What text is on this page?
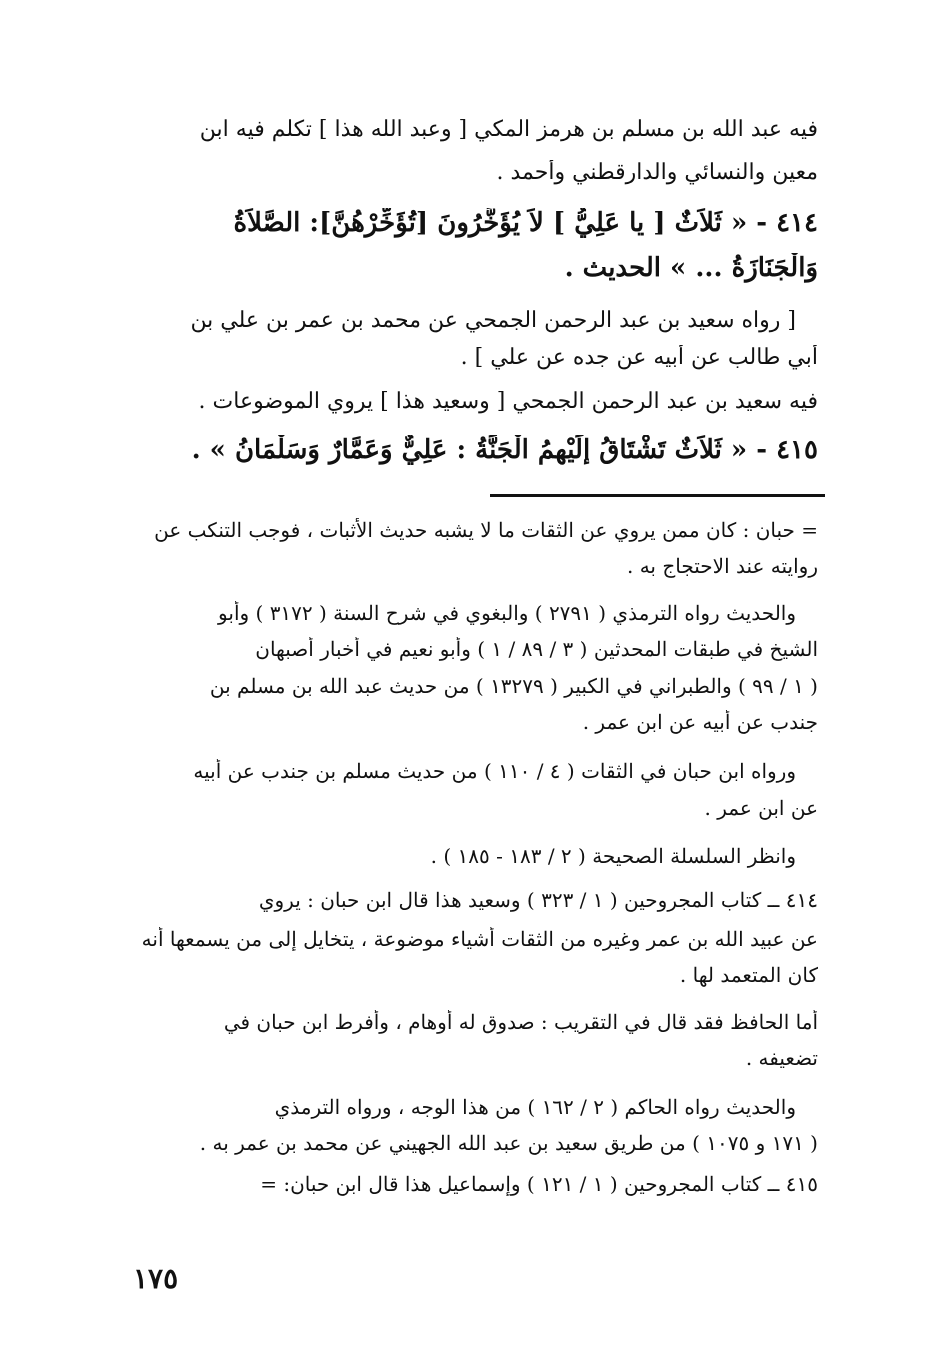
فيه عبد الله بن مسلم بن هرمز المكي [ وعبد الله هذا ] تكلم فيه ابن
معين والنسائي والدارقطني وأحمد .
٤١٤ - « ثَلاَثٌ [ يا عَلِيُّ ] لاَ يُؤَخَّرُونَ [تُؤَخِّرْهُنَّ]: الصَّلاَةُ
وَالْجَنَازَةُ ... » الحديث .
[ رواه سعيد بن عبد الرحمن الجمحي عن محمد بن عمر بن علي بن
أبي طالب عن أبيه عن جده عن علي ] .
فيه سعيد بن عبد الرحمن الجمحي [ وسعيد هذا ] يروي الموضوعات .
٤١٥ - « ثَلاَثٌ تَشْتَاقُ إِلَيْهِمُ الْجَنَّةُ : عَلِيٌّ وَعَمَّارٌ وَسَلْمَانُ » .
= حبان : كان ممن يروي عن الثقات ما لا يشبه حديث الأثبات ، فوجب التنكب عن
روايته عند الاحتجاج به .
والحديث رواه الترمذي ( ٢٧٩١ ) والبغوي في شرح السنة ( ٣١٧٢ ) وأبو
الشيخ في طبقات المحدثين ( ٣ / ٨٩ / ١ ) وأبو نعيم في أخبار أصبهان
( ١ / ٩٩ ) والطبراني في الكبير ( ١٣٢٧٩ ) من حديث عبد الله بن مسلم بن
جندب عن أبيه عن ابن عمر .
ورواه ابن حبان في الثقات ( ٤ / ١١٠ ) من حديث مسلم بن جندب عن أبيه
عن ابن عمر .
وانظر السلسلة الصحيحة ( ٢ / ١٨٣ - ١٨٥ ) .
٤١٤ ــ كتاب المجروحين ( ١ / ٣٢٣ ) وسعيد هذا قال ابن حبان : يروي
عن عبيد الله بن عمر وغيره من الثقات أشياء موضوعة ، يتخايل إلى من يسمعها أنه
كان المتعمد لها .
أما الحافظ فقد قال في التقريب : صدوق له أوهام ، وأفرط ابن حبان في
تضعيفه .
والحديث رواه الحاكم ( ٢ / ١٦٢ ) من هذا الوجه ، ورواه الترمذي
( ١٧١ و ١٠٧٥ ) من طريق سعيد بن عبد الله الجهيني عن محمد بن عمر به .
٤١٥ ــ كتاب المجروحين ( ١ / ١٢١ ) وإسماعيل هذا قال ابن حبان: =
١٧٥
